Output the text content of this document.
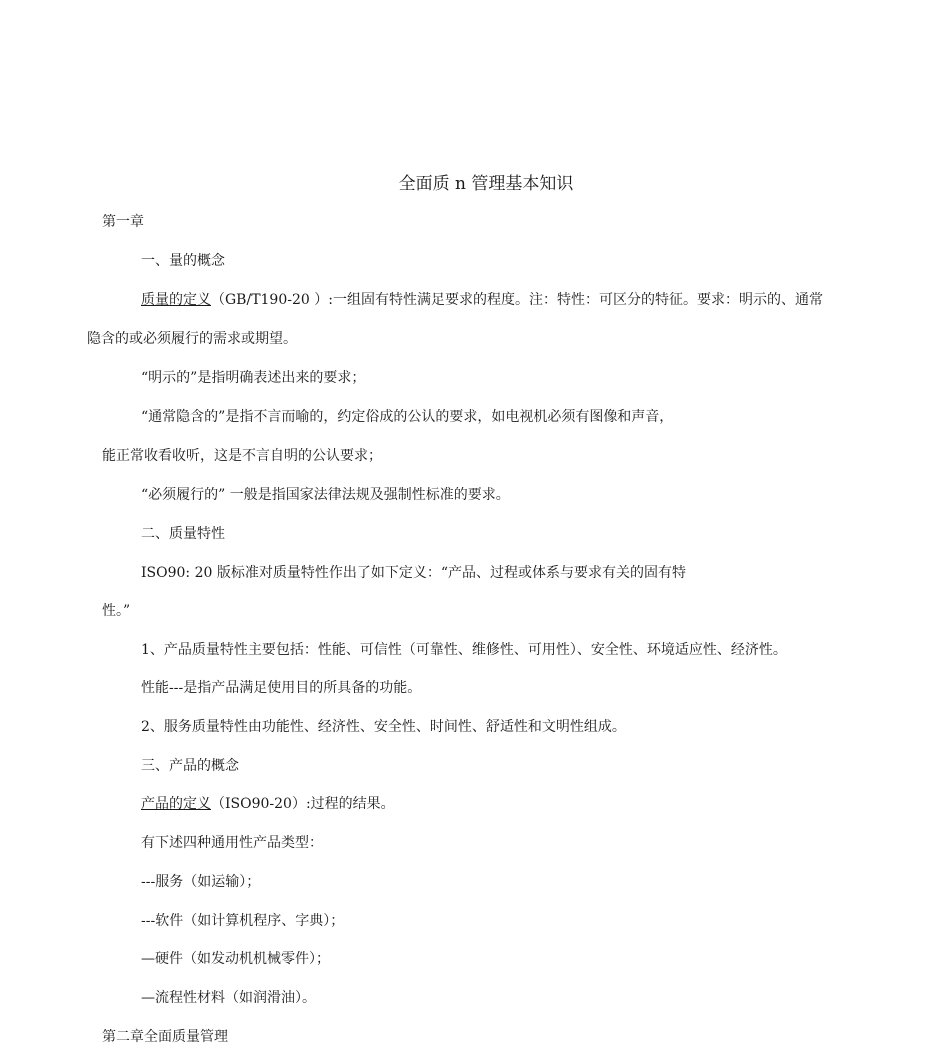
全面质 n 管理基本知识
第一章
一、量的概念
质量的定义（GB/T190-20 ）:一组固有特性满足要求的程度。注：特性：可区分的特征。要求：明示的、通常
隐含的或必须履行的需求或期望。
“明示的”是指明确表述出来的要求；
“通常隐含的”是指不言而喻的，约定俗成的公认的要求，如电视机必须有图像和声音，
能正常收看收听，这是不言自明的公认要求；
“必须履行的” 一般是指国家法律法规及强制性标准的要求。
二、质量特性
ISO90: 20 版标准对质量特性作出了如下定义：“产品、过程或体系与要求有关的固有特
性。”
1、产品质量特性主要包括：性能、可信性（可靠性、维修性、可用性）、安全性、环境适应性、经济性。
性能---是指产品满足使用目的所具备的功能。
2、服务质量特性由功能性、经济性、安全性、时间性、舒适性和文明性组成。
三、产品的概念
产品的定义（ISO90-20）:过程的结果。
有下述四种通用性产品类型：
---服务（如运输）；
---软件（如计算机程序、字典）；
—硬件（如发动机机械零件）；
—流程性材料（如润滑油）。
第二章全面质量管理
